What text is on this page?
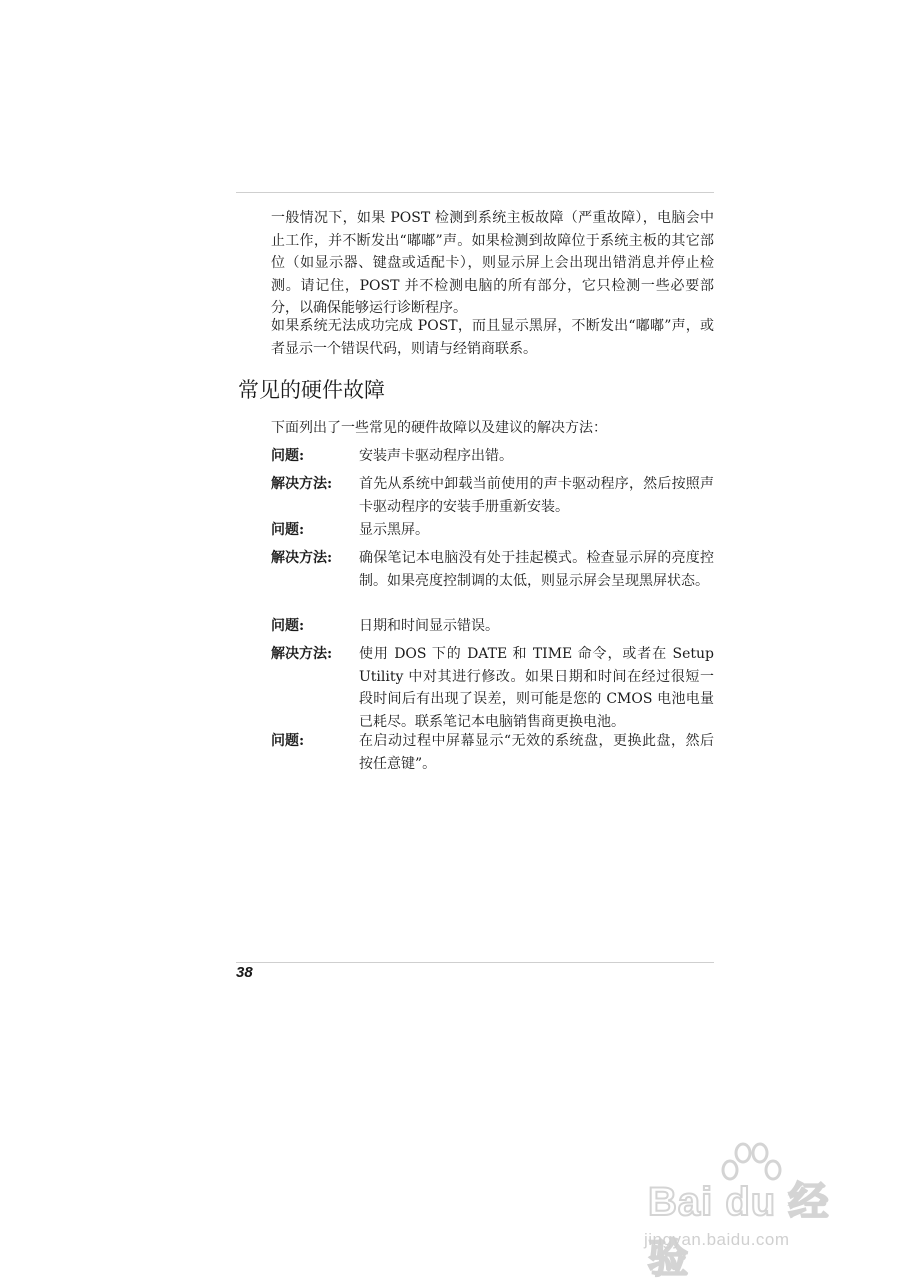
一般情况下，如果 POST 检测到系统主板故障（严重故障），电脑会中止工作，并不断发出“嘟嘟”声。如果检测到故障位于系统主板的其它部位（如显示器、键盘或适配卡），则显示屏上会出现出错消息并停止检测。请记住，POST 并不检测电脑的所有部分，它只检测一些必要部分，以确保能够运行诊断程序。

如果系统无法成功完成 POST，而且显示黑屏，不断发出“嘟嘟”声，或者显示一个错误代码，则请与经销商联系。

常见的硬件故障

下面列出了一些常见的硬件故障以及建议的解决方法：

问题:	安装声卡驱动程序出错。
解决方法: 首先从系统中卸载当前使用的声卡驱动程序，然后按照声卡驱动程序的安装手册重新安装。
问题:	显示黑屏。
解决方法: 确保笔记本电脑没有处于挂起模式。检查显示屏的亮度控制。如果亮度控制调的太低，则显示屏会呈现黑屏状态。
问题:	日期和时间显示错误。
解决方法: 使用 DOS 下的 DATE 和 TIME 命令，或者在 Setup Utility 中对其进行修改。如果日期和时间在经过很短一段时间后有出现了误差，则可能是您的 CMOS 电池电量已耗尽。联系笔记本电脑销售商更换电池。
问题:	在启动过程中屏幕显示“无效的系统盘，更换此盘，然后按任意键”。

38

Bai du 经验

jingyan.baidu.com
